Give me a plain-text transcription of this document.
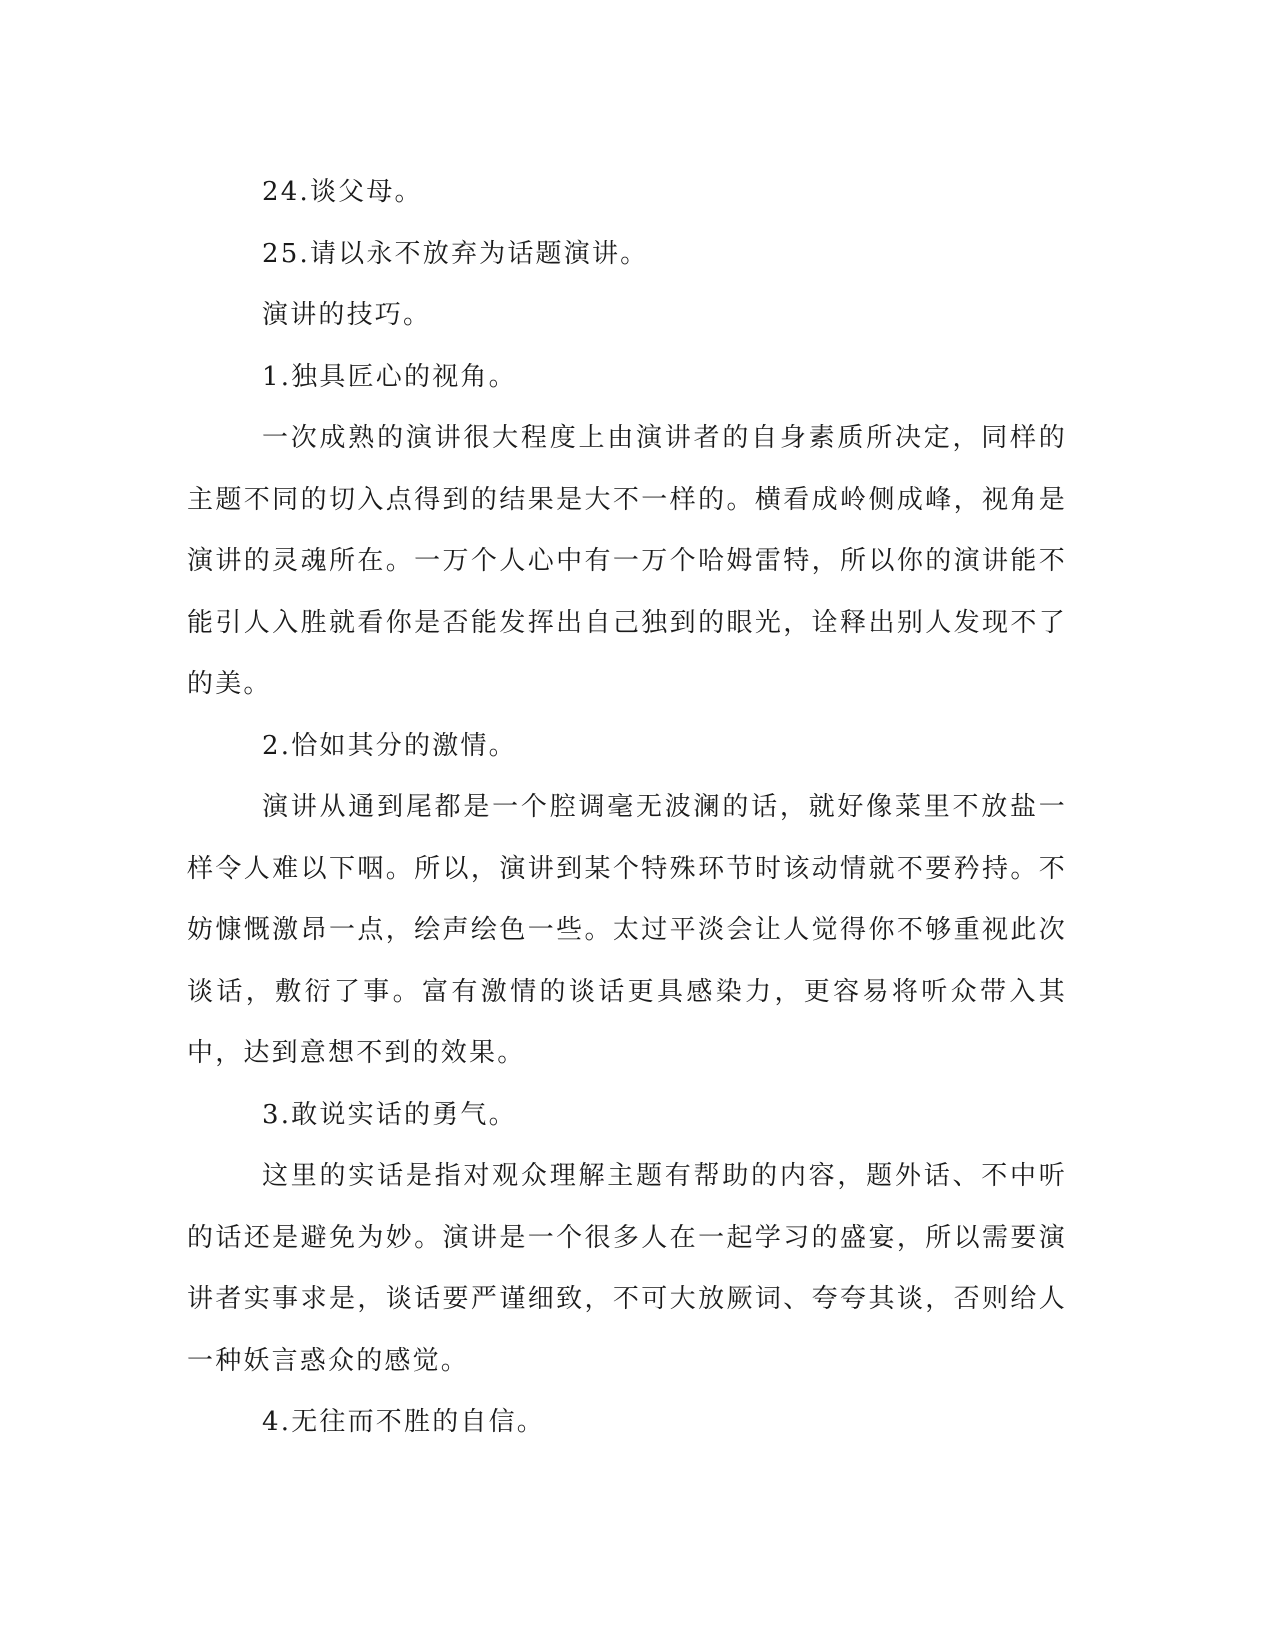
24.谈父母。

25.请以永不放弃为话题演讲。

演讲的技巧。

1.独具匠心的视角。

一次成熟的演讲很大程度上由演讲者的自身素质所决定，同样的主题不同的切入点得到的结果是大不一样的。横看成岭侧成峰，视角是演讲的灵魂所在。一万个人心中有一万个哈姆雷特，所以你的演讲能不能引人入胜就看你是否能发挥出自己独到的眼光，诠释出别人发现不了的美。

2.恰如其分的激情。

演讲从通到尾都是一个腔调毫无波澜的话，就好像菜里不放盐一样令人难以下咽。所以，演讲到某个特殊环节时该动情就不要矜持。不妨慷慨激昂一点，绘声绘色一些。太过平淡会让人觉得你不够重视此次谈话，敷衍了事。富有激情的谈话更具感染力，更容易将听众带入其中，达到意想不到的效果。

3.敢说实话的勇气。

这里的实话是指对观众理解主题有帮助的内容，题外话、不中听的话还是避免为妙。演讲是一个很多人在一起学习的盛宴，所以需要演讲者实事求是，谈话要严谨细致，不可大放厥词、夸夸其谈，否则给人一种妖言惑众的感觉。

4.无往而不胜的自信。
